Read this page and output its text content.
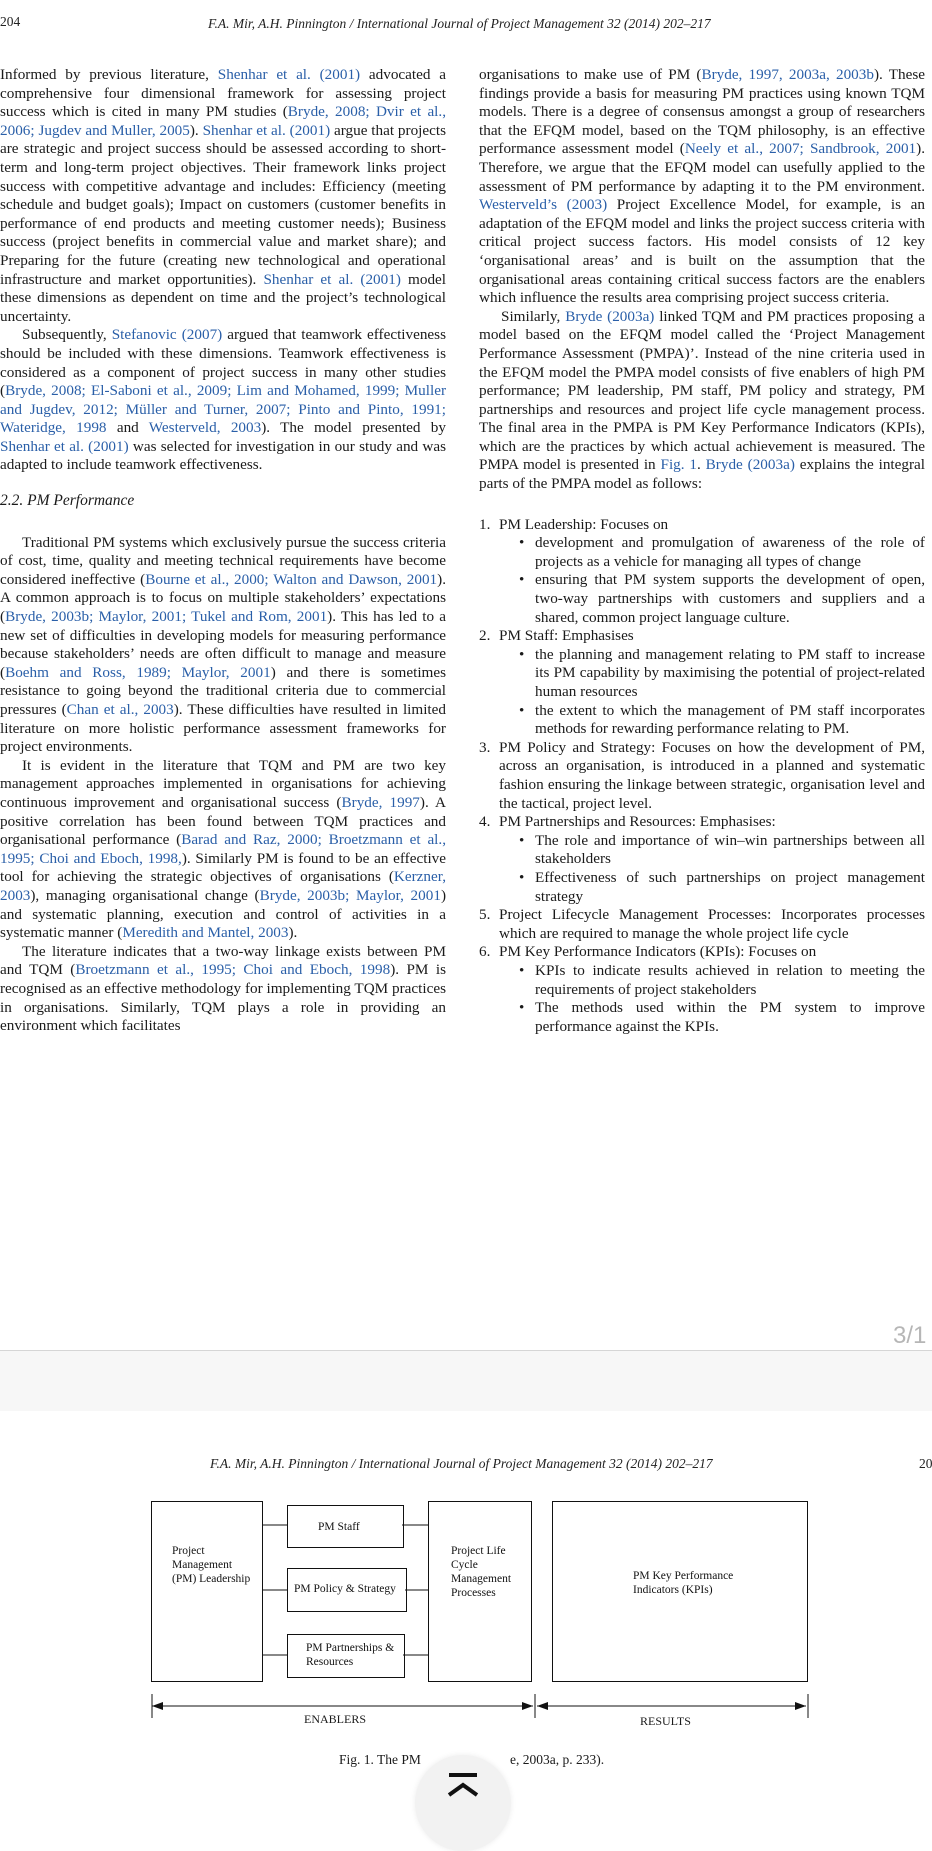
204	F.A. Mir, A.H. Pinnington / International Journal of Project Management 32 (2014) 202–217

Informed by previous literature, Shenhar et al. (2001) advocated a comprehensive four dimensional framework for assessing project success which is cited in many PM studies (Bryde, 2008; Dvir et al., 2006; Jugdev and Muller, 2005). Shenhar et al. (2001) argue that projects are strategic and project success should be assessed according to short-term and long-term project objectives. Their framework links project success with competitive advantage and includes: Efficiency (meeting schedule and budget goals); Impact on customers (customer benefits in performance of end products and meeting customer needs); Business success (project benefits in commercial value and market share); and Preparing for the future (creating new technological and operational infrastructure and market opportunities). Shenhar et al. (2001) model these dimensions as dependent on time and the project’s technological uncertainty.

Subsequently, Stefanovic (2007) argued that teamwork effectiveness should be included with these dimensions. Teamwork effectiveness is considered as a component of project success in many other studies (Bryde, 2008; El-Saboni et al., 2009; Lim and Mohamed, 1999; Muller and Jugdev, 2012; Müller and Turner, 2007; Pinto and Pinto, 1991; Wateridge, 1998 and Westerveld, 2003). The model presented by Shenhar et al. (2001) was selected for investigation in our study and was adapted to include teamwork effectiveness.

2.2. PM Performance

Traditional PM systems which exclusively pursue the success criteria of cost, time, quality and meeting technical requirements have become considered ineffective (Bourne et al., 2000; Walton and Dawson, 2001). A common approach is to focus on multiple stakeholders’ expectations (Bryde, 2003b; Maylor, 2001; Tukel and Rom, 2001). This has led to a new set of difficulties in developing models for measuring performance because stakeholders’ needs are often difficult to manage and measure (Boehm and Ross, 1989; Maylor, 2001) and there is sometimes resistance to going beyond the traditional criteria due to commercial pressures (Chan et al., 2003). These difficulties have resulted in limited literature on more holistic performance assessment frameworks for project environments.

It is evident in the literature that TQM and PM are two key management approaches implemented in organisations for achieving continuous improvement and organisational success (Bryde, 1997). A positive correlation has been found between TQM practices and organisational performance (Barad and Raz, 2000; Broetzmann et al., 1995; Choi and Eboch, 1998,). Similarly PM is found to be an effective tool for achieving the strategic objectives of organisations (Kerzner, 2003), managing organisational change (Bryde, 2003b; Maylor, 2001) and systematic planning, execution and control of activities in a systematic manner (Meredith and Mantel, 2003).

The literature indicates that a two-way linkage exists between PM and TQM (Broetzmann et al., 1995; Choi and Eboch, 1998). PM is recognised as an effective methodology for implementing TQM practices in organisations. Similarly, TQM plays a role in providing an environment which facilitates

organisations to make use of PM (Bryde, 1997, 2003a, 2003b). These findings provide a basis for measuring PM practices using known TQM models. There is a degree of consensus amongst a group of researchers that the EFQM model, based on the TQM philosophy, is an effective performance assessment model (Neely et al., 2007; Sandbrook, 2001). Therefore, we argue that the EFQM model can usefully applied to the assessment of PM performance by adapting it to the PM environment. Westerveld’s (2003) Project Excellence Model, for example, is an adaptation of the EFQM model and links the project success criteria with critical project success factors. His model consists of 12 key ‘organisational areas’ and is built on the assumption that the organisational areas containing critical success factors are the enablers which influence the results area comprising project success criteria.

Similarly, Bryde (2003a) linked TQM and PM practices proposing a model based on the EFQM model called the ‘Project Management Performance Assessment (PMPA)’. Instead of the nine criteria used in the EFQM model the PMPA model consists of five enablers of high PM performance; PM leadership, PM staff, PM policy and strategy, PM partnerships and resources and project life cycle management process. The final area in the PMPA is PM Key Performance Indicators (KPIs), which are the practices by which actual achievement is measured. The PMPA model is presented in Fig. 1. Bryde (2003a) explains the integral parts of the PMPA model as follows:

1. PM Leadership: Focuses on
• development and promulgation of awareness of the role of projects as a vehicle for managing all types of change
• ensuring that PM system supports the development of open, two-way partnerships with customers and suppliers and a shared, common project language culture.
2. PM Staff: Emphasises
• the planning and management relating to PM staff to increase its PM capability by maximising the potential of project-related human resources
• the extent to which the management of PM staff incorporates methods for rewarding performance relating to PM.
3. PM Policy and Strategy: Focuses on how the development of PM, across an organisation, is introduced in a planned and systematic fashion ensuring the linkage between strategic, organisation level and the tactical, project level.
4. PM Partnerships and Resources: Emphasises:
• The role and importance of win–win partnerships between all stakeholders
• Effectiveness of such partnerships on project management strategy
5. Project Lifecycle Management Processes: Incorporates processes which are required to manage the whole project life cycle
6. PM Key Performance Indicators (KPIs): Focuses on
• KPIs to indicate results achieved in relation to meeting the requirements of project stakeholders
• The methods used within the PM system to improve performance against the KPIs.
3/1
F.A. Mir, A.H. Pinnington / International Journal of Project Management 32 (2014) 202–217	20
Project Management (PM) Leadership
PM Staff
PM Policy & Strategy
PM Partnerships & Resources
Project Life Cycle Management Processes
PM Key Performance Indicators (KPIs)
ENABLERS	RESULTS
Fig. 1. The PM	e, 2003a, p. 233).
